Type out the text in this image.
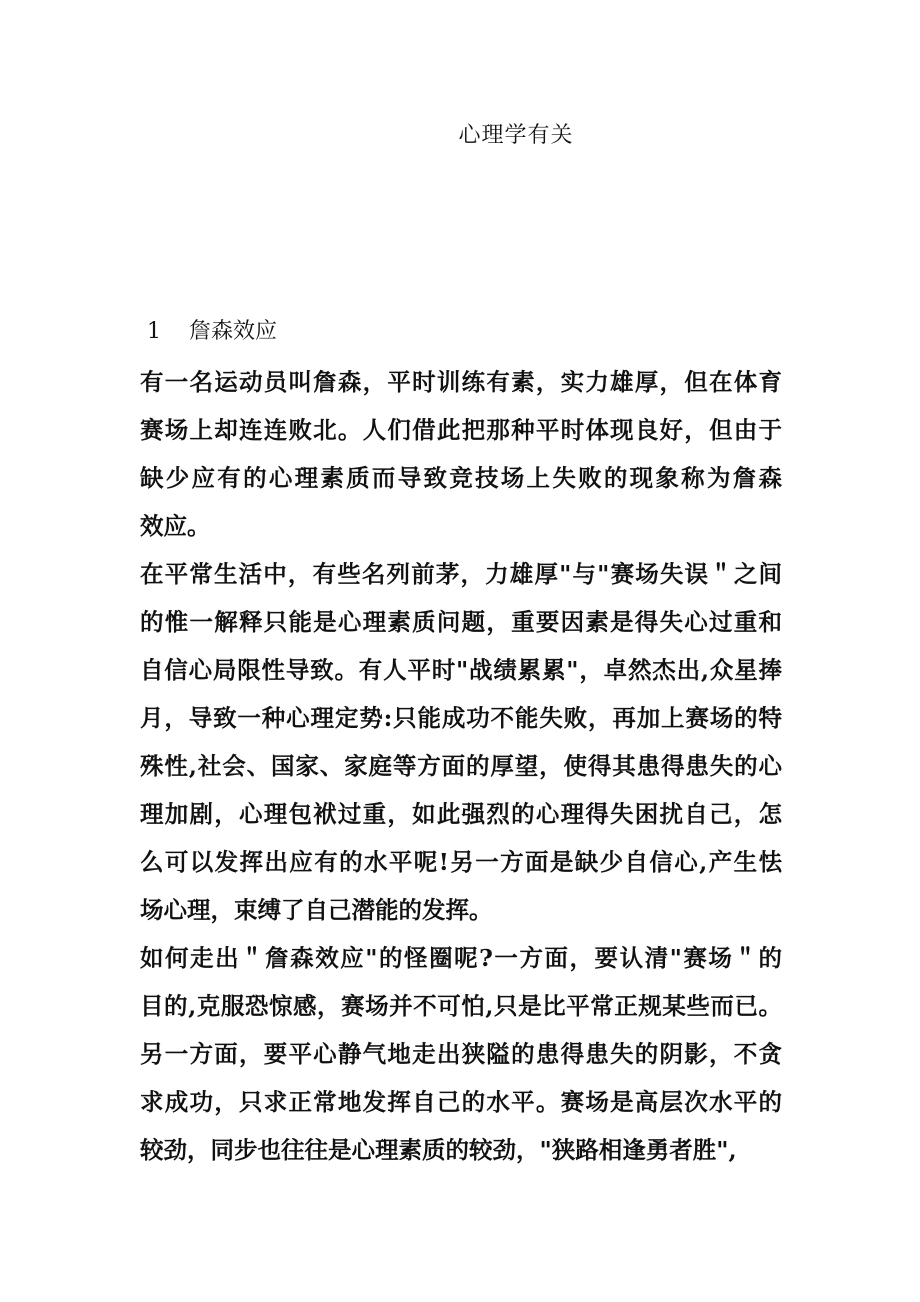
心理学有关
1 詹森效应
有一名运动员叫詹森，平时训练有素，实力雄厚，但在体育
赛场上却连连败北。人们借此把那种平时体现良好，但由于
缺少应有的心理素质而导致竞技场上失败的现象称为詹森
效应。
在平常生活中，有些名列前茅，力雄厚"与"赛场失误＂之间
的惟一解释只能是心理素质问题，重要因素是得失心过重和
自信心局限性导致。有人平时"战绩累累"，卓然杰出,众星捧
月，导致一种心理定势:只能成功不能失败，再加上赛场的特
殊性,社会、国家、家庭等方面的厚望，使得其患得患失的心
理加剧，心理包袱过重，如此强烈的心理得失困扰自己，怎
么可以发挥出应有的水平呢!另一方面是缺少自信心,产生怯
场心理，束缚了自己潜能的发挥。
如何走出＂詹森效应"的怪圈呢?一方面，要认清"赛场＂的
目的,克服恐惊感，赛场并不可怕,只是比平常正规某些而已。
另一方面，要平心静气地走出狭隘的患得患失的阴影，不贪
求成功，只求正常地发挥自己的水平。赛场是高层次水平的
较劲，同步也往往是心理素质的较劲，"狭路相逢勇者胜",
